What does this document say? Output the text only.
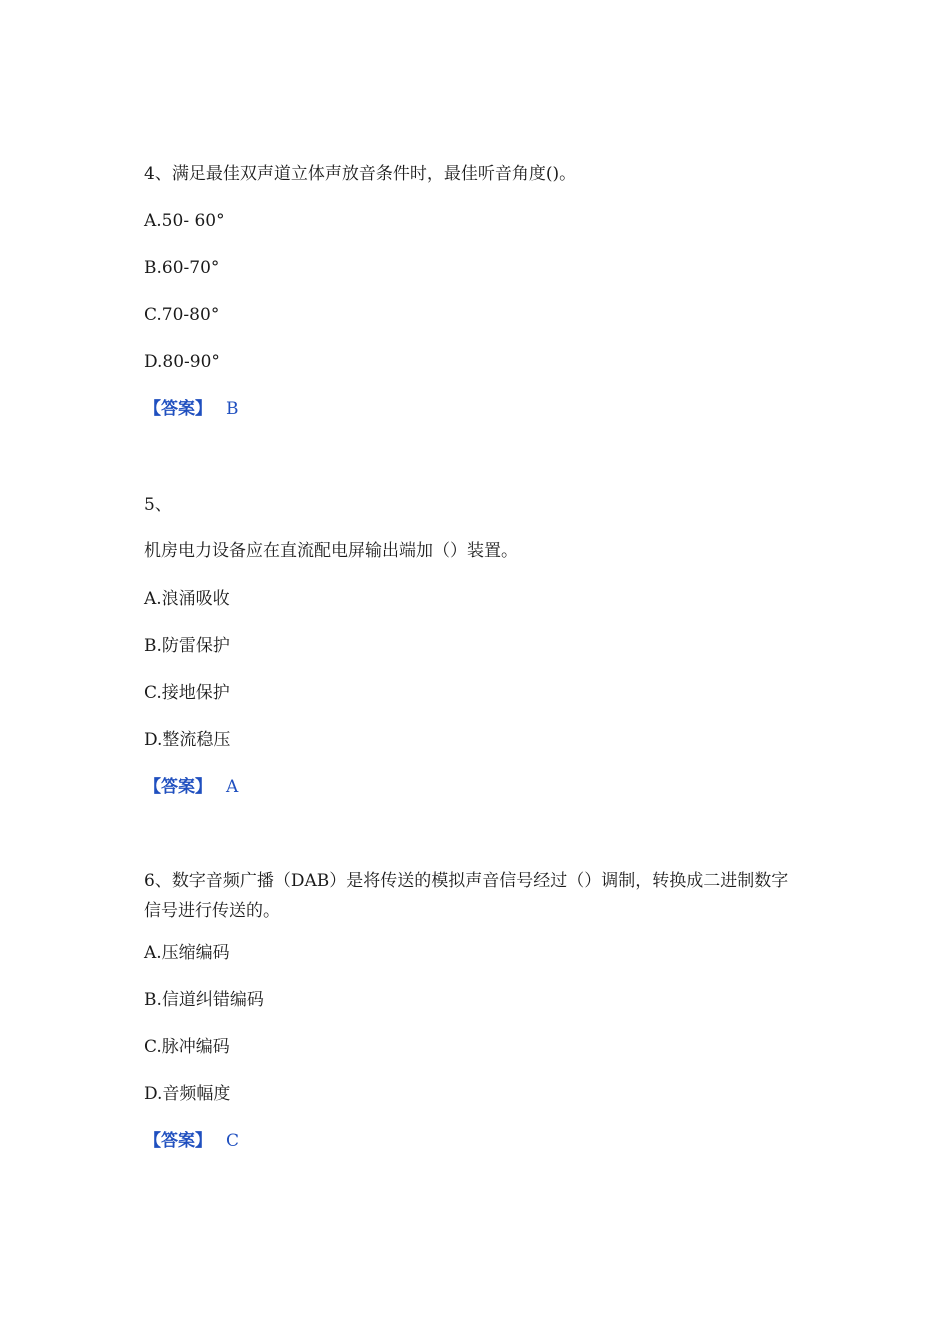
4、满足最佳双声道立体声放音条件时，最佳听音角度()。
A.50- 60°
B.60-70°
C.70-80°
D.80-90°
【答案】 B
5、
机房电力设备应在直流配电屏输出端加（）装置。
A.浪涌吸收
B.防雷保护
C.接地保护
D.整流稳压
【答案】 A
6、数字音频广播（DAB）是将传送的模拟声音信号经过（）调制，转换成二进制数字信号进行传送的。
A.压缩编码
B.信道纠错编码
C.脉冲编码
D.音频幅度
【答案】 C
